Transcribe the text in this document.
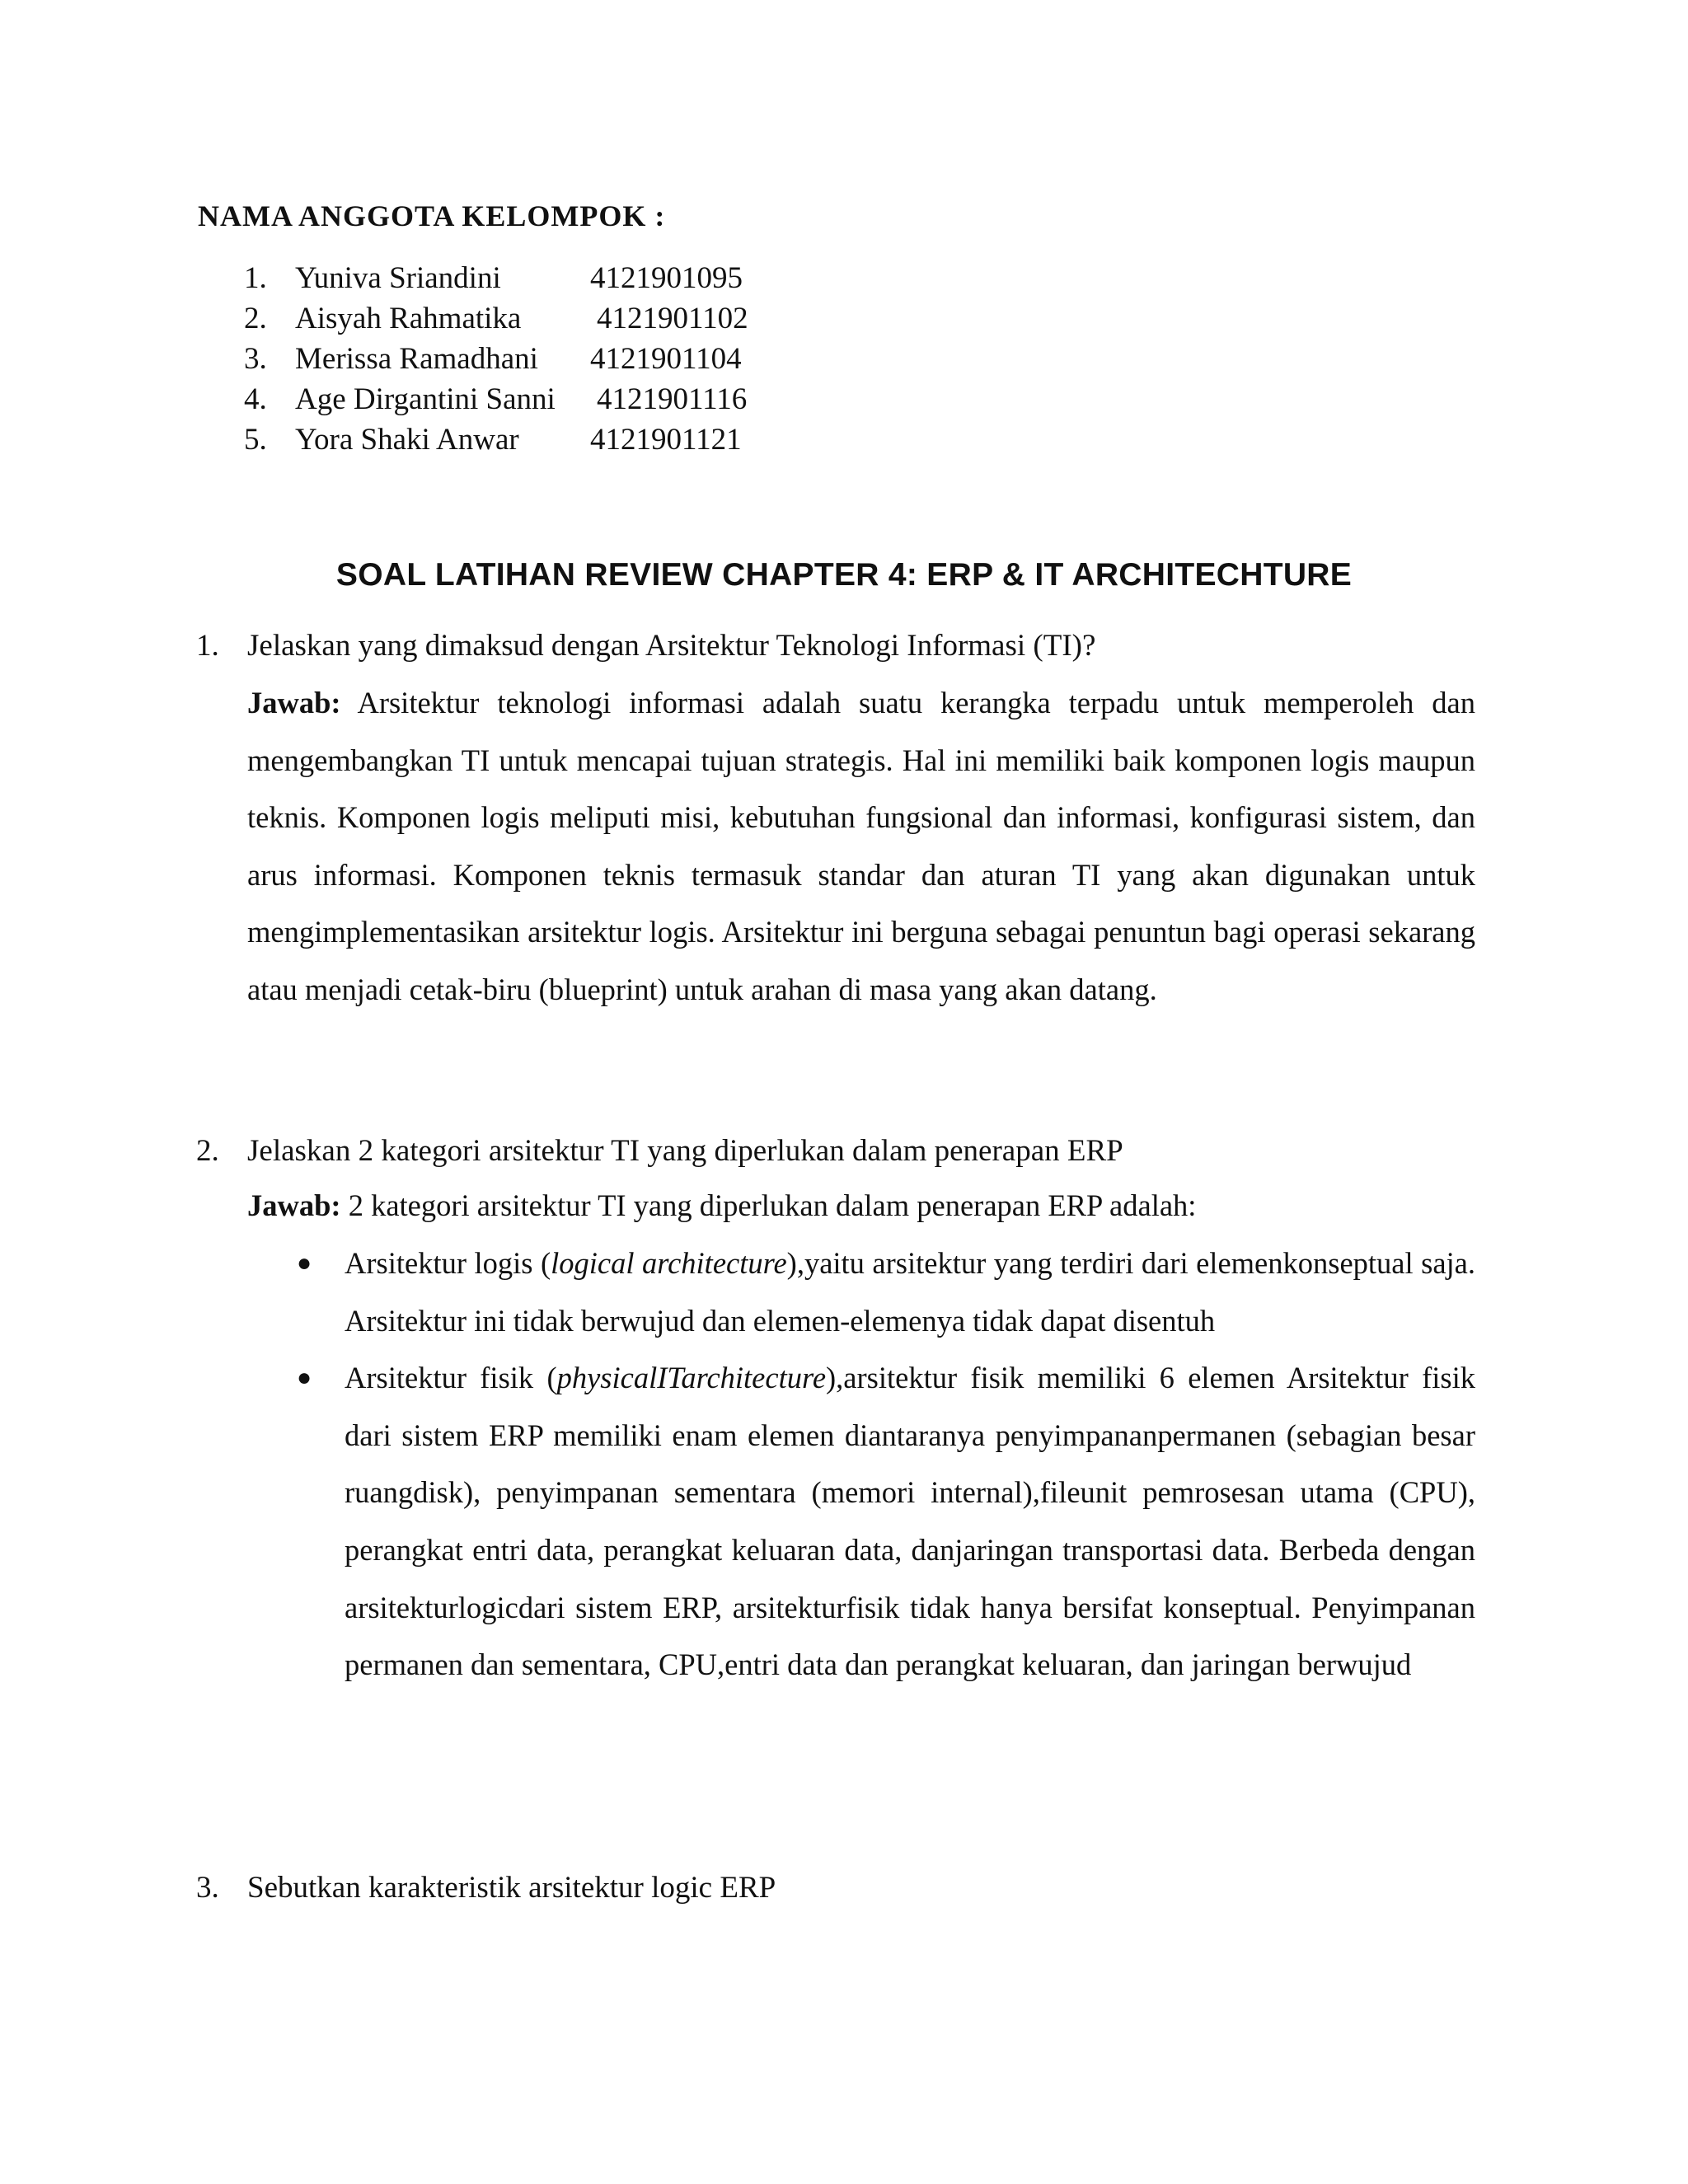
NAMA ANGGOTA KELOMPOK :
1. Yuniva Sriandini	4121901095
2. Aisyah Rahmatika 4121901102
3. Merissa Ramadhani 4121901104
4. Age Dirgantini Sanni 4121901116
5. Yora Shaki Anwar 4121901121
SOAL LATIHAN REVIEW CHAPTER 4: ERP & IT ARCHITECHTURE
1. Jelaskan yang dimaksud dengan Arsitektur Teknologi Informasi (TI)?
Jawab: Arsitektur teknologi informasi adalah suatu kerangka terpadu untuk memperoleh dan mengembangkan TI untuk mencapai tujuan strategis. Hal ini memiliki baik komponen logis maupun teknis. Komponen logis meliputi misi, kebutuhan fungsional dan informasi, konfigurasi sistem, dan arus informasi. Komponen teknis termasuk standar dan aturan TI yang akan digunakan untuk mengimplementasikan arsitektur logis. Arsitektur ini berguna sebagai penuntun bagi operasi sekarang atau menjadi cetak-biru (blueprint) untuk arahan di masa yang akan datang.
2. Jelaskan 2 kategori arsitektur TI yang diperlukan dalam penerapan ERP
Jawab: 2 kategori arsitektur TI yang diperlukan dalam penerapan ERP adalah:
● Arsitektur logis (logical architecture),yaitu arsitektur yang terdiri dari elemenkonseptual saja. Arsitektur ini tidak berwujud dan elemen-elemenya tidak dapat disentuh
● Arsitektur fisik (physicalITarchitecture),arsitektur fisik memiliki 6 elemen Arsitektur fisik dari sistem ERP memiliki enam elemen diantaranya penyimpananpermanen (sebagian besar ruangdisk), penyimpanan sementara (memori internal),fileunit pemrosesan utama (CPU), perangkat entri data, perangkat keluaran data, danjaringan transportasi data. Berbeda dengan arsitekturlogicdari sistem ERP, arsitekturfisik tidak hanya bersifat konseptual. Penyimpanan permanen dan sementara, CPU,entri data dan perangkat keluaran, dan jaringan berwujud
3. Sebutkan karakteristik arsitektur logic ERP
